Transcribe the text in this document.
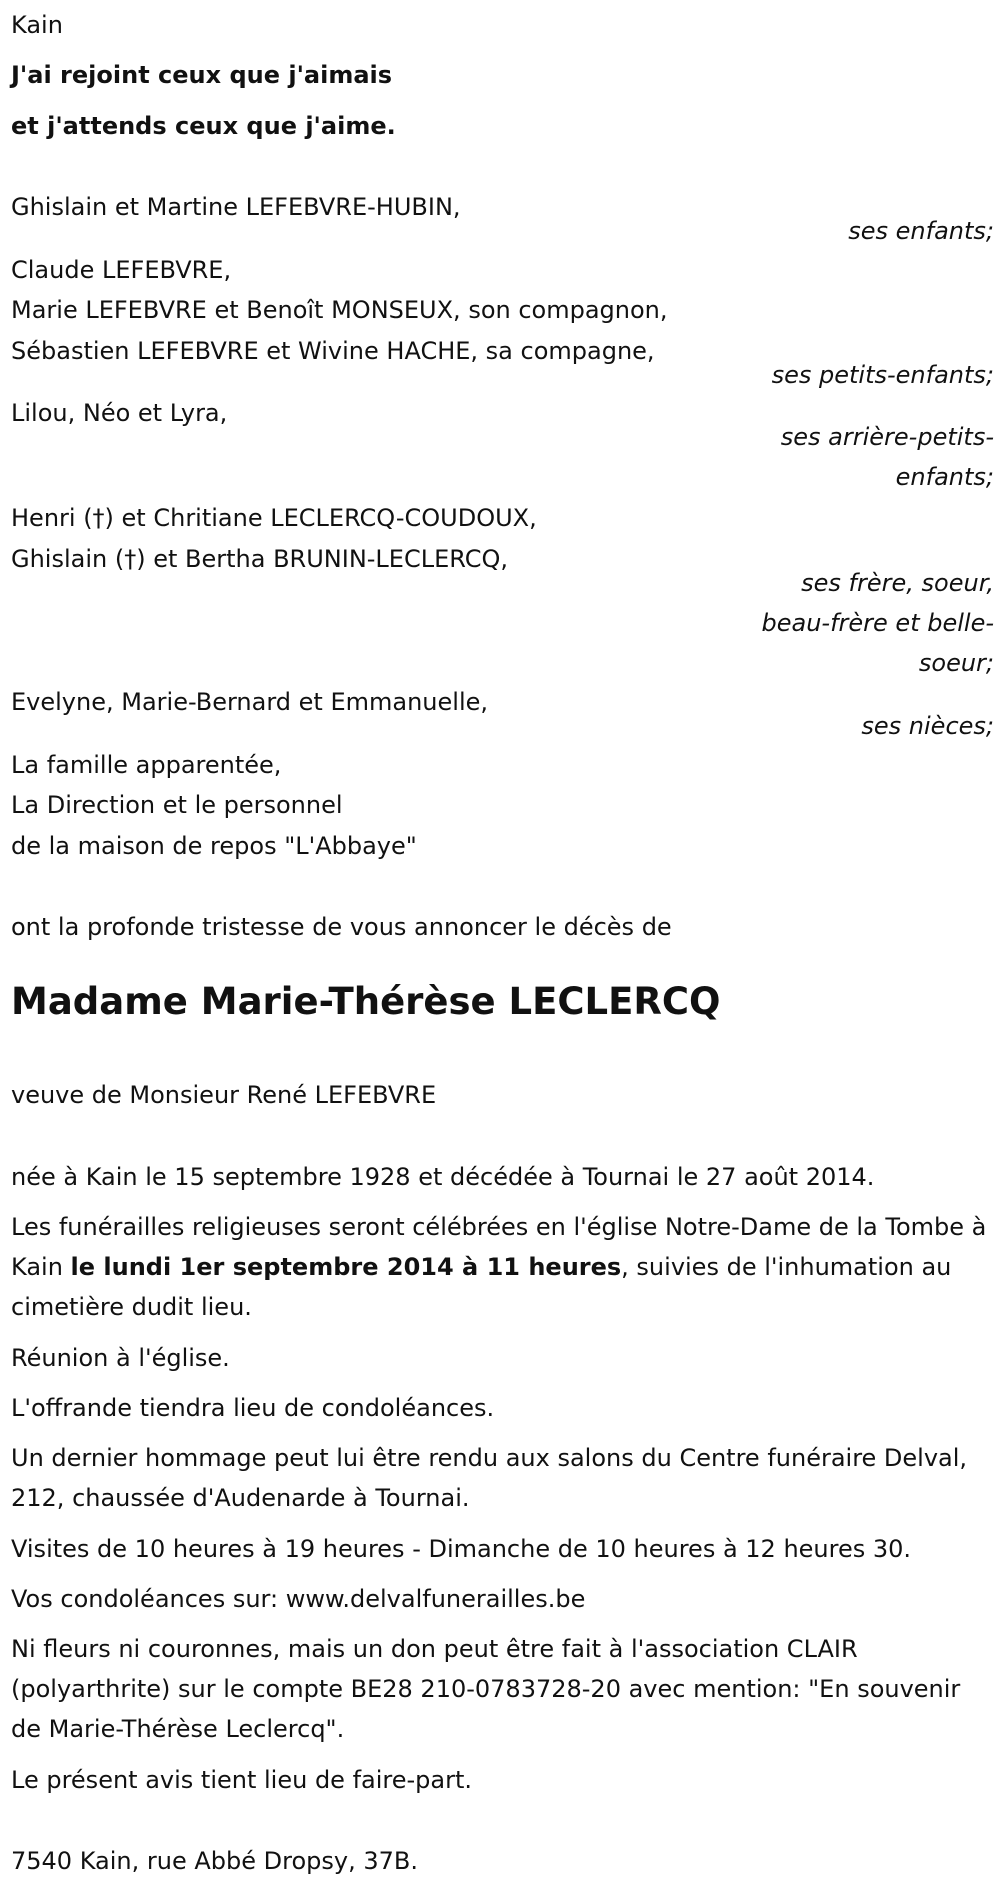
Kain
J'ai rejoint ceux que j'aimais
et j'attends ceux que j'aime.
Ghislain et Martine LEFEBVRE-HUBIN,
ses enfants;
Claude LEFEBVRE,
Marie LEFEBVRE et Benoît MONSEUX, son compagnon,
Sébastien LEFEBVRE et Wivine HACHE, sa compagne,
ses petits-enfants;
Lilou, Néo et Lyra,
ses arrière-petits-
enfants;
Henri (†) et Chritiane LECLERCQ-COUDOUX,
Ghislain (†) et Bertha BRUNIN-LECLERCQ,
ses frère, soeur,
beau-frère et belle-
soeur;
Evelyne, Marie-Bernard et Emmanuelle,
ses nièces;
La famille apparentée,
La Direction et le personnel
de la maison de repos "L'Abbaye"
ont la profonde tristesse de vous annoncer le décès de
Madame Marie-Thérèse LECLERCQ
veuve de Monsieur René LEFEBVRE
née à Kain le 15 septembre 1928 et décédée à Tournai le 27 août 2014.
Les funérailles religieuses seront célébrées en l'église Notre-Dame de la Tombe à Kain le lundi 1er septembre 2014 à 11 heures, suivies de l'inhumation au cimetière dudit lieu.
Réunion à l'église.
L'offrande tiendra lieu de condoléances.
Un dernier hommage peut lui être rendu aux salons du Centre funéraire Delval, 212, chaussée d'Audenarde à Tournai.
Visites de 10 heures à 19 heures - Dimanche de 10 heures à 12 heures 30.
Vos condoléances sur: www.delvalfunerailles.be
Ni fleurs ni couronnes, mais un don peut être fait à l'association CLAIR (polyarthrite) sur le compte BE28 210-0783728-20 avec mention: "En souvenir de Marie-Thérèse Leclercq".
Le présent avis tient lieu de faire-part.
7540 Kain, rue Abbé Dropsy, 37B.
